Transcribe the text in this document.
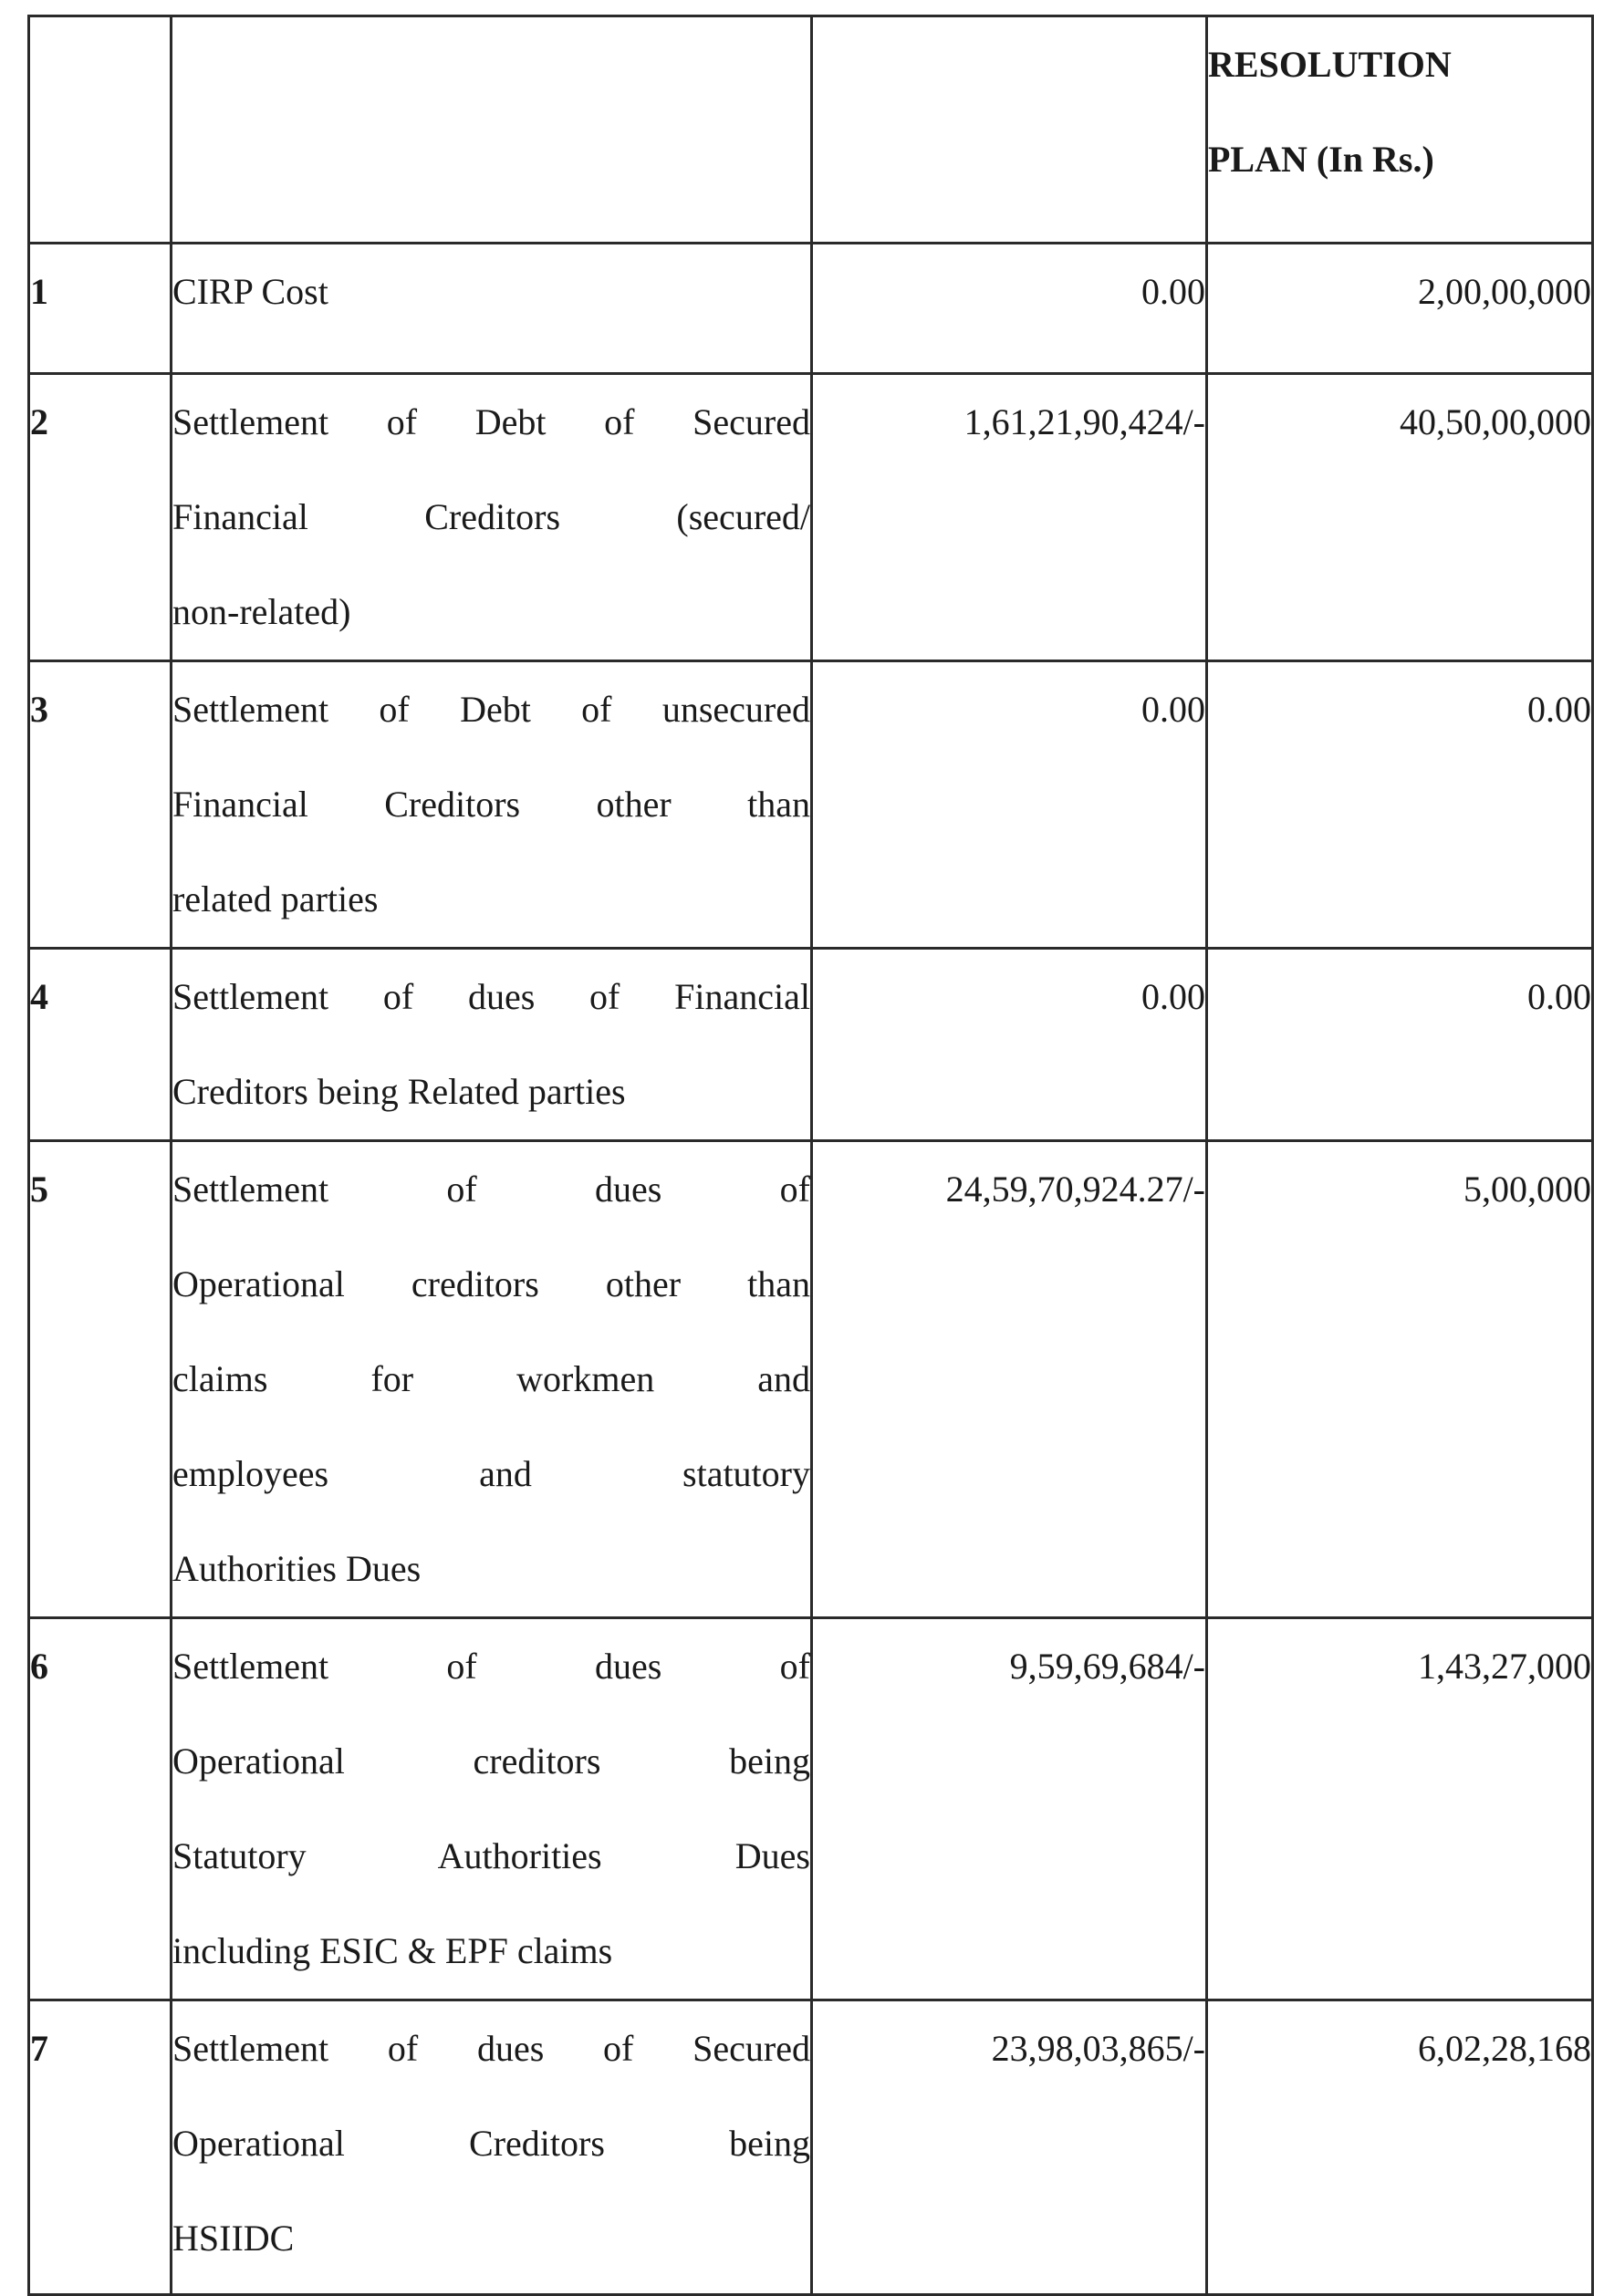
			RESOLUTION
PLAN (In Rs.)

1	CIRP Cost	0.00	2,00,00,000
2	Settlement of Debt of Secured
Financial Creditors (secured/
non-related)	1,61,21,90,424/-	40,50,00,000
3	Settlement of Debt of unsecured
Financial Creditors other than
related parties	0.00	0.00
4	Settlement of dues of Financial
Creditors being Related parties	0.00	0.00
5	Settlement of dues of
Operational creditors other than
claims for workmen and
employees and statutory
Authorities Dues	24,59,70,924.27/-	5,00,000
6	Settlement of dues of
Operational creditors being
Statutory Authorities Dues
including ESIC & EPF claims	9,59,69,684/-	1,43,27,000
7	Settlement of dues of Secured
Operational Creditors being
HSIIDC	23,98,03,865/-	6,02,28,168
